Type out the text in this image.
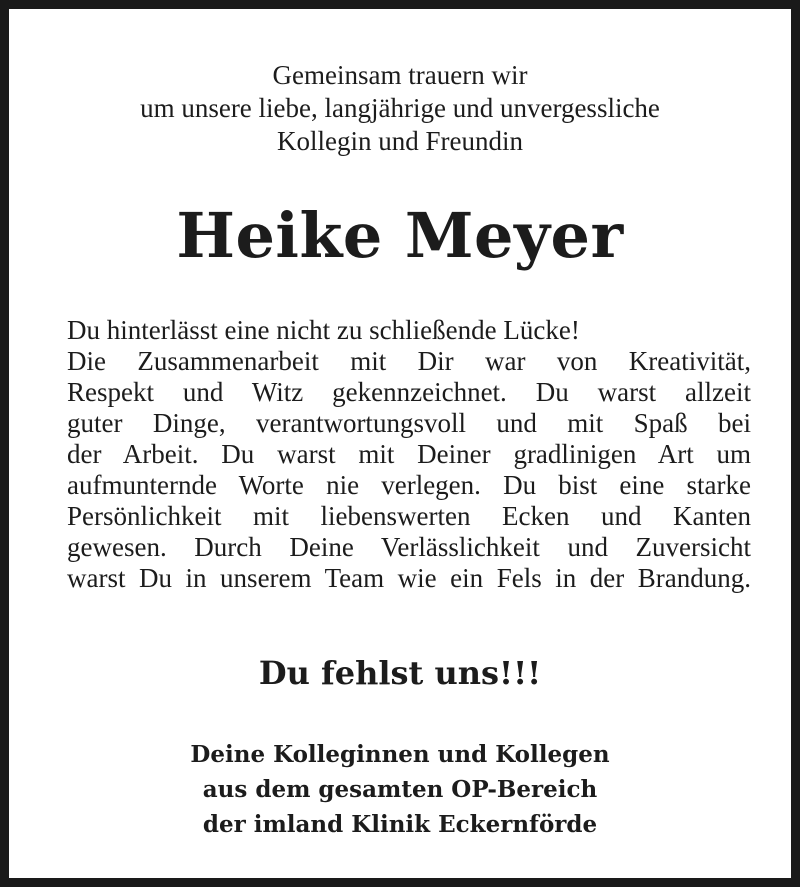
Gemeinsam trauern wir
um unsere liebe, langjährige und unvergessliche
Kollegin und Freundin
Heike Meyer
Du hinterlässt eine nicht zu schließende Lücke!
Die Zusammenarbeit mit Dir war von Kreativität,
Respekt und Witz gekennzeichnet. Du warst allzeit
guter Dinge, verantwortungsvoll und mit Spaß bei
der Arbeit. Du warst mit Deiner gradlinigen Art um
aufmunternde Worte nie verlegen. Du bist eine starke
Persönlichkeit mit liebenswerten Ecken und Kanten
gewesen. Durch Deine Verlässlichkeit und Zuversicht
warst Du in unserem Team wie ein Fels in der Brandung.
Du fehlst uns!!!
Deine Kolleginnen und Kollegen
aus dem gesamten OP-Bereich
der imland Klinik Eckernförde
